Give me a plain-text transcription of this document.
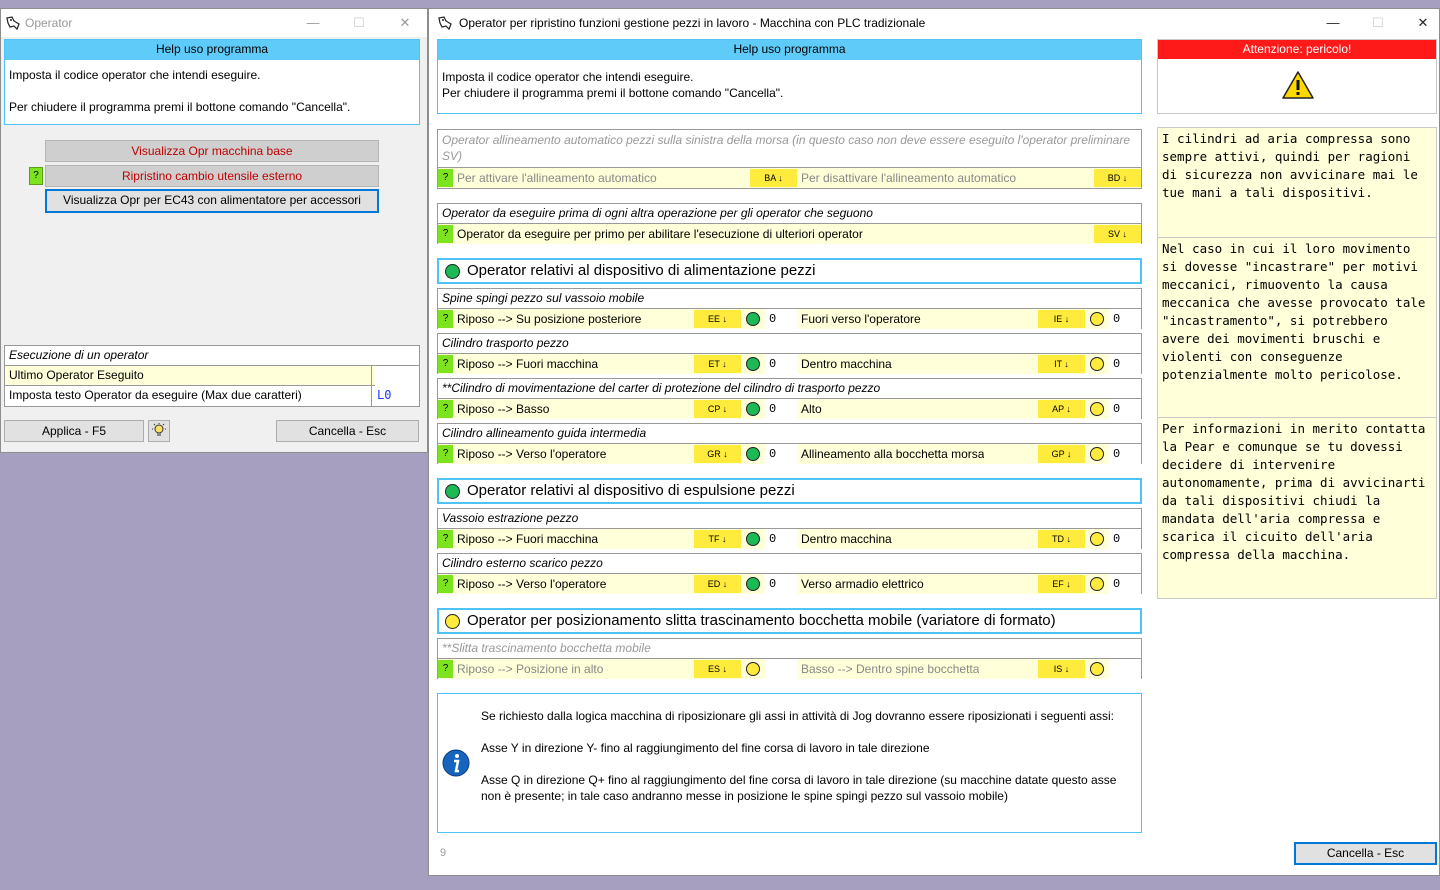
Operator	—	☐	✕
Help uso programma
Imposta il codice operator che intendi eseguire.
Per chiudere il programma premi il bottone comando "Cancella".
Visualizza Opr macchina base
?	Ripristino cambio utensile esterno
Visualizza Opr per EC43 con alimentatore per accessori
Esecuzione di un operator
Ultimo Operator Eseguito
Imposta testo Operator da eseguire (Max due caratteri)	L0
Applica - F5	Cancella - Esc
Operator per ripristino funzioni gestione pezzi in lavoro - Macchina con PLC tradizionale	—	☐	✕
Help uso programma
Imposta il codice operator che intendi eseguire.
Per chiudere il programma premi il bottone comando "Cancella".
Attenzione: pericolo!
I cilindri ad aria compressa sono sempre attivi, quindi per ragioni di sicurezza non avvicinare mai le tue mani a tali dispositivi.
Nel caso in cui il loro movimento si dovesse "incastrare" per motivi meccanici, rimuovento la causa meccanica che avesse provocato tale "incastramento", si potrebbero avere dei movimenti bruschi e violenti con conseguenze potenzialmente molto pericolose.
Per informazioni in merito contatta la Pear e comunque se tu dovessi decidere di intervenire autonomamente, prima di avvicinarti da tali dispositivi chiudi la mandata dell'aria compressa e scarica il cicuito dell'aria compressa della macchina.
Operator allineamento automatico pezzi sulla sinistra della morsa (in questo caso non deve essere eseguito l'operator preliminare SV)
? Per attivare l'allineamento automatico	BA ↓	Per disattivare l'allineamento automatico	BD ↓
Operator da eseguire prima di ogni altra operazione per gli operator che seguono
? Operator da eseguire per primo per abilitare l'esecuzione di ulteriori operator	SV ↓
Operator relativi al dispositivo di alimentazione pezzi
Spine spingi pezzo sul vassoio mobile
? Riposo --> Su posizione posteriore	EE ↓	0	Fuori verso l'operatore	IE ↓	0
Cilindro trasporto pezzo
? Riposo --> Fuori macchina	ET ↓	0	Dentro macchina	IT ↓	0
**Cilindro di movimentazione del carter di protezione del cilindro di trasporto pezzo
? Riposo --> Basso	CP ↓	0	Alto	AP ↓	0
Cilindro allineamento guida intermedia
? Riposo --> Verso l'operatore	GR ↓	0	Allineamento alla bocchetta morsa	GP ↓	0
Vassoio estrazione pezzo
? Riposo --> Fuori macchina	TF ↓	0	Dentro macchina	TD ↓	0
Cilindro esterno scarico pezzo
? Riposo --> Verso l'operatore	ED ↓	0	Verso armadio elettrico	EF ↓	0
**Slitta trascinamento bocchetta mobile
? Riposo --> Posizione in alto	ES ↓	Basso --> Dentro spine bocchetta	IS ↓
Operator relativi al dispositivo di espulsione pezzi
Operator per posizionamento slitta trascinamento bocchetta mobile (variatore di formato)
Se richiesto dalla logica macchina di riposizionare gli assi in attività di Jog dovranno essere riposizionati i seguenti assi:
Asse Y in direzione Y- fino al raggiungimento del fine corsa di lavoro in tale direzione
Asse Q in direzione Q+ fino al raggiungimento del fine corsa di lavoro in tale direzione (su macchine datate questo asse non è presente; in tale caso andranno messe in posizione le spine spingi pezzo sul vassoio mobile)
9	Cancella - Esc
